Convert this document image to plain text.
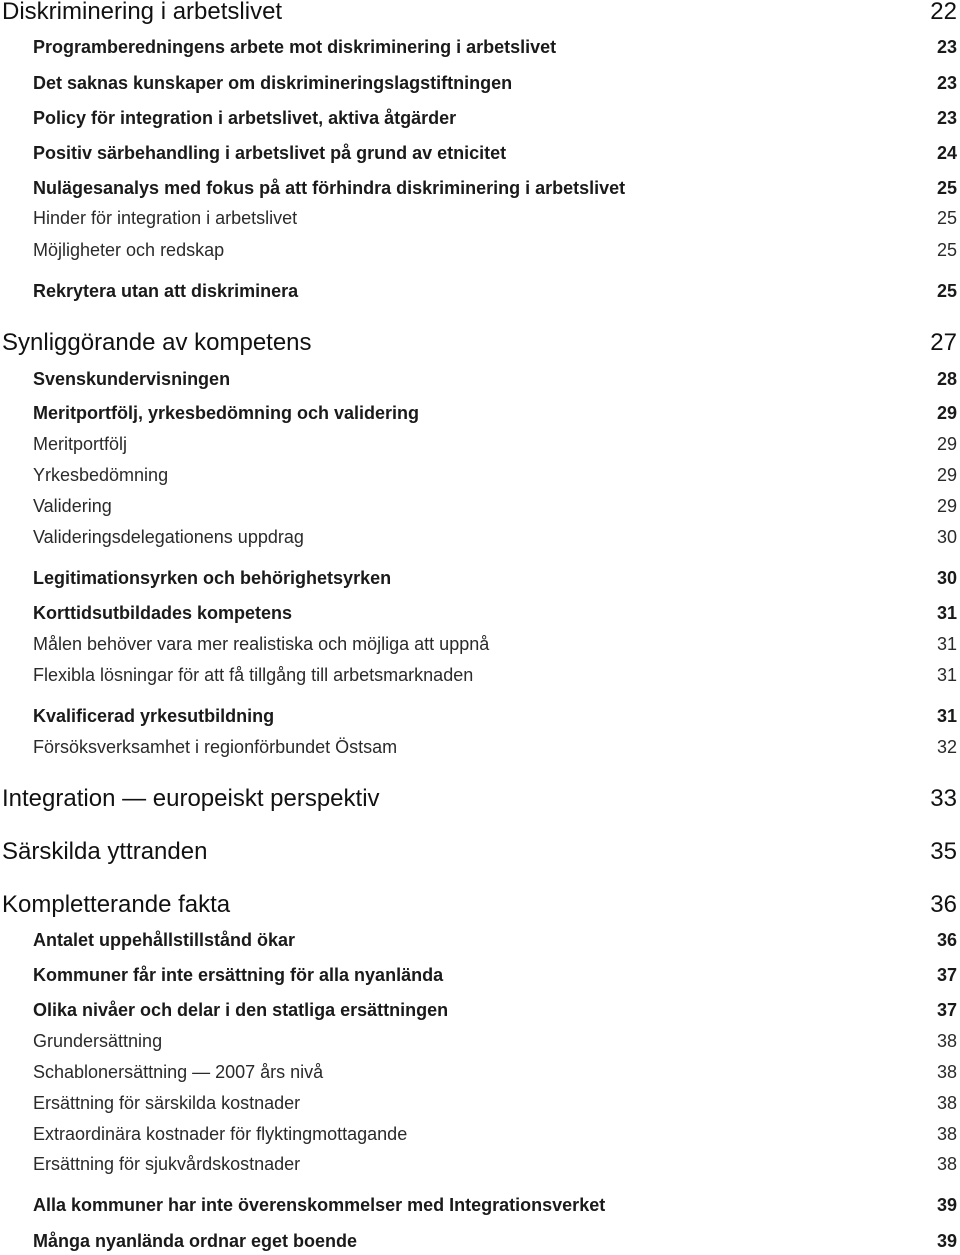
Diskriminering i arbetslivet	22
Programberedningens arbete mot diskriminering i arbetslivet	23
Det saknas kunskaper om diskrimineringslagstiftningen	23
Policy för integration i arbetslivet, aktiva åtgärder	23
Positiv särbehandling i arbetslivet på grund av etnicitet	24
Nulägesanalys med fokus på att förhindra diskriminering i arbetslivet	25
Hinder för integration i arbetslivet	25
Möjligheter och redskap	25
Rekrytera utan att diskriminera	25
Synliggörande av kompetens	27
Svenskundervisningen	28
Meritportfölj, yrkesbedömning och validering	29
Meritportfölj	29
Yrkesbedömning	29
Validering	29
Valideringsdelegationens uppdrag	30
Legitimationsyrken och behörighetsyrken	30
Korttidsutbildades kompetens	31
Målen behöver vara mer realistiska och möjliga att uppnå	31
Flexibla lösningar för att få tillgång till arbetsmarknaden	31
Kvalificerad yrkesutbildning	31
Försöksverksamhet i regionförbundet Östsam	32
Integration — europeiskt perspektiv	33
Särskilda yttranden	35
Kompletterande fakta	36
Antalet uppehållstillstånd ökar	36
Kommuner får inte ersättning för alla nyanlända	37
Olika nivåer och delar i den statliga ersättningen	37
Grundersättning	38
Schablonersättning — 2007 års nivå	38
Ersättning för särskilda kostnader	38
Extraordinära kostnader för flyktingmottagande	38
Ersättning för sjukvårdskostnader	38
Alla kommuner har inte överenskommelser med Integrationsverket	39
Många nyanlända ordnar eget boende	39
